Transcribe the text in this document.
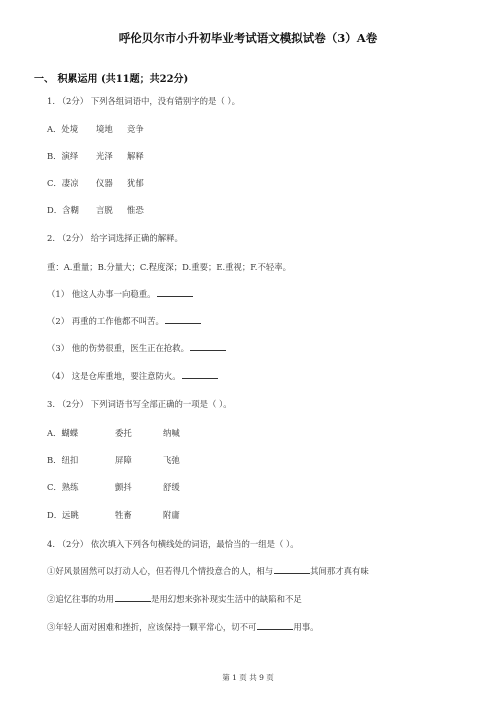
呼伦贝尔市小升初毕业考试语文模拟试卷（3）A卷
一、 积累运用 (共11题；共22分)
1. （2分） 下列各组词语中，没有错别字的是（ ）。
A．处境 境地 竞争
B．演绎 光泽 解释
C．凄凉 仪器 犹郁
D．含糊 言脱 惟恐
2. （2分） 给字词选择正确的解释。
重：A.重量；B.分量大；C.程度深；D.重要；E.重视；F.不轻率。
（1） 他这人办事一向稳重。
（2） 再重的工作他都不叫苦。
（3） 他的伤势很重，医生正在抢救。
（4） 这是仓库重地，要注意防火。
3. （2分） 下列词语书写全部正确的一项是（ ）。
A．蝴蝶	委托	纳喊
B．纽扣	屏障	飞弛
C．熟练	颤抖	舒缓
D．远眺	牲畜	附庸
4. （2分） 依次填入下列各句横线处的词语，最恰当的一组是（ ）。
①好风景固然可以打动人心，但若得几个情投意合的人，相与	其间那才真有味
②追忆往事的功用	是用幻想来弥补现实生活中的缺陷和不足
③年轻人面对困难和挫折，应该保持一颗平常心，切不可	用事。
第 1 页 共 9 页
